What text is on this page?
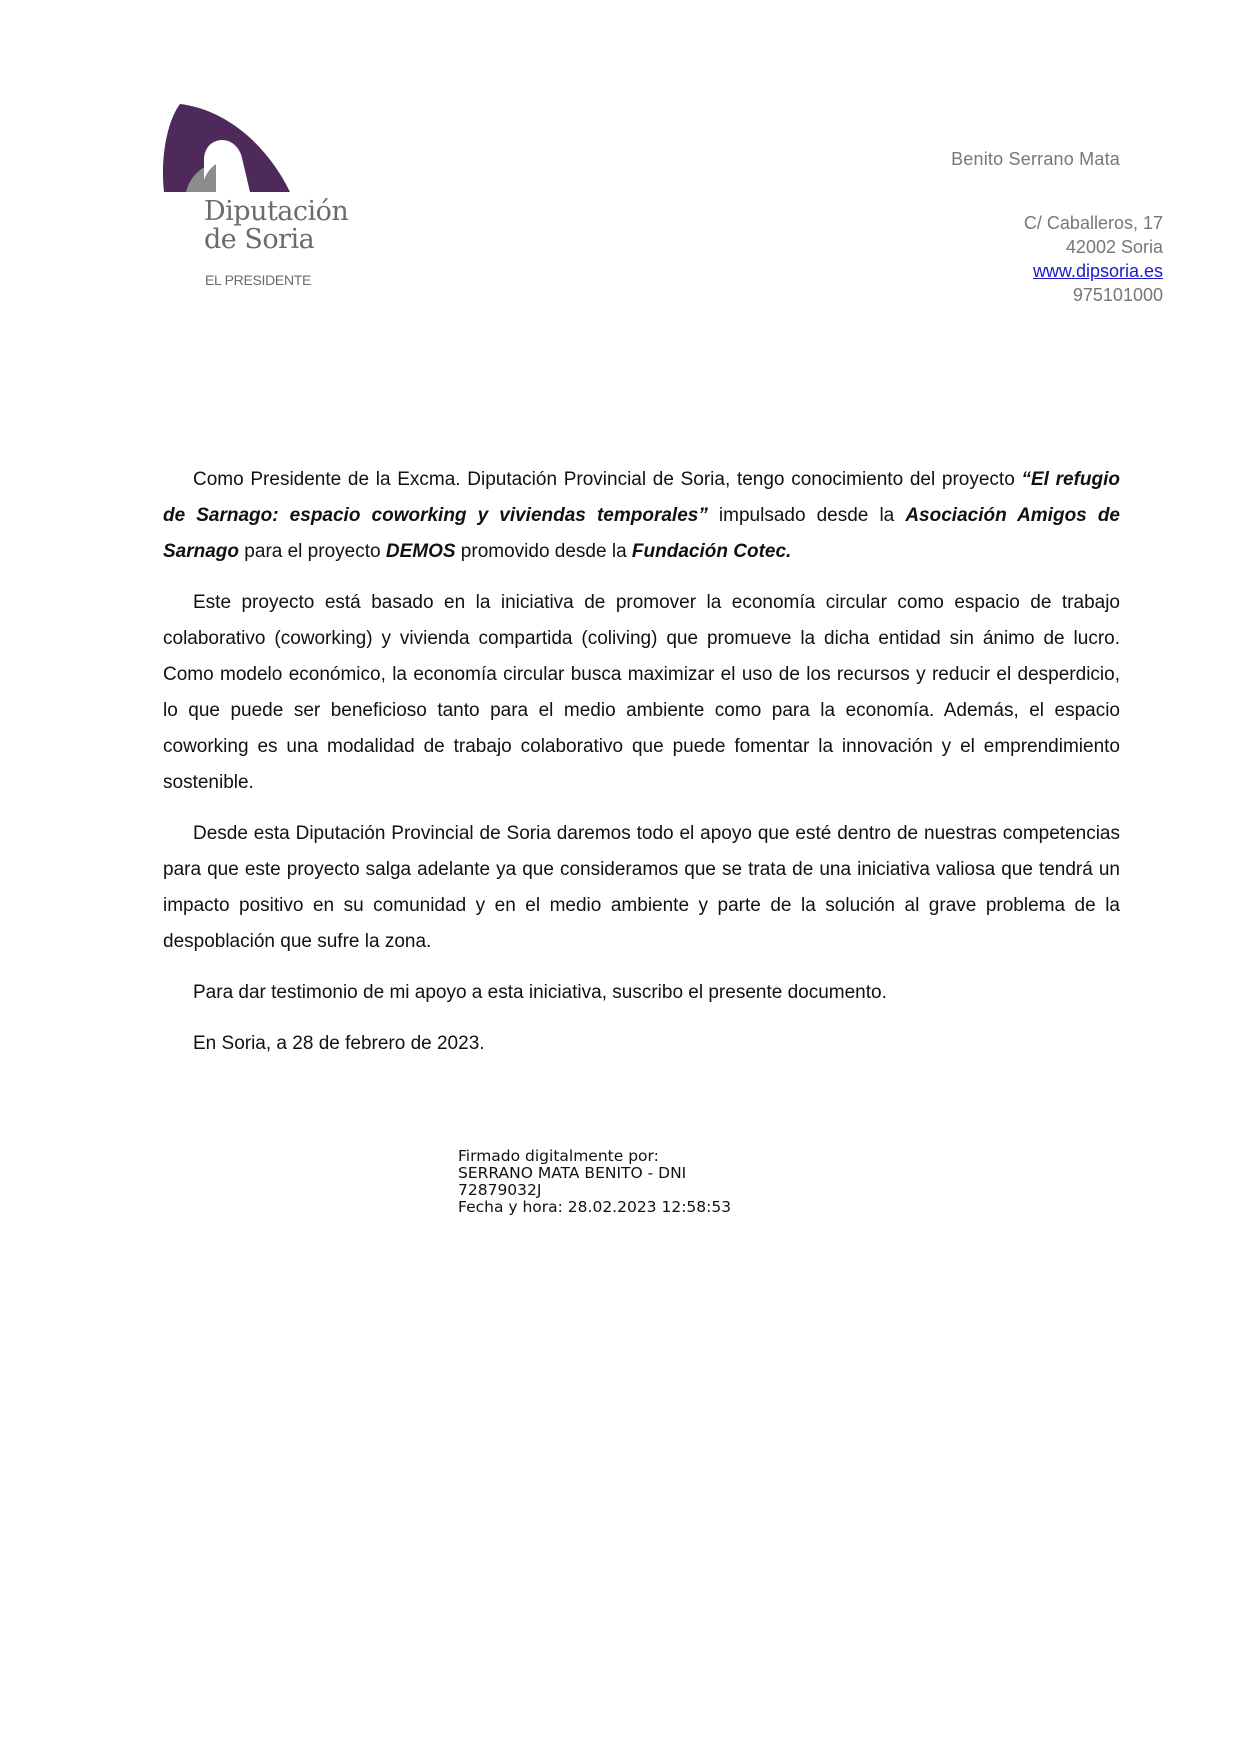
Diputación
de Soria
EL PRESIDENTE
Benito Serrano Mata
C/ Caballeros, 17
42002 Soria
www.dipsoria.es
975101000

Como Presidente de la Excma. Diputación Provincial de Soria, tengo conocimiento del proyecto “El refugio de Sarnago: espacio coworking y viviendas temporales” impulsado desde la Asociación Amigos de Sarnago para el proyecto DEMOS promovido desde la Fundación Cotec.

Este proyecto está basado en la iniciativa de promover la economía circular como espacio de trabajo colaborativo (coworking) y vivienda compartida (coliving) que promueve la dicha entidad sin ánimo de lucro. Como modelo económico, la economía circular busca maximizar el uso de los recursos y reducir el desperdicio, lo que puede ser beneficioso tanto para el medio ambiente como para la economía. Además, el espacio coworking es una modalidad de trabajo colaborativo que puede fomentar la innovación y el emprendimiento sostenible.

Desde esta Diputación Provincial de Soria daremos todo el apoyo que esté dentro de nuestras competencias para que este proyecto salga adelante ya que consideramos que se trata de una iniciativa valiosa que tendrá un impacto positivo en su comunidad y en el medio ambiente y parte de la solución al grave problema de la despoblación que sufre la zona.

Para dar testimonio de mi apoyo a esta iniciativa, suscribo el presente documento.

En Soria, a 28 de febrero de 2023.

Firmado digitalmente por:
SERRANO MATA BENITO - DNI
72879032J
Fecha y hora: 28.02.2023 12:58:53
